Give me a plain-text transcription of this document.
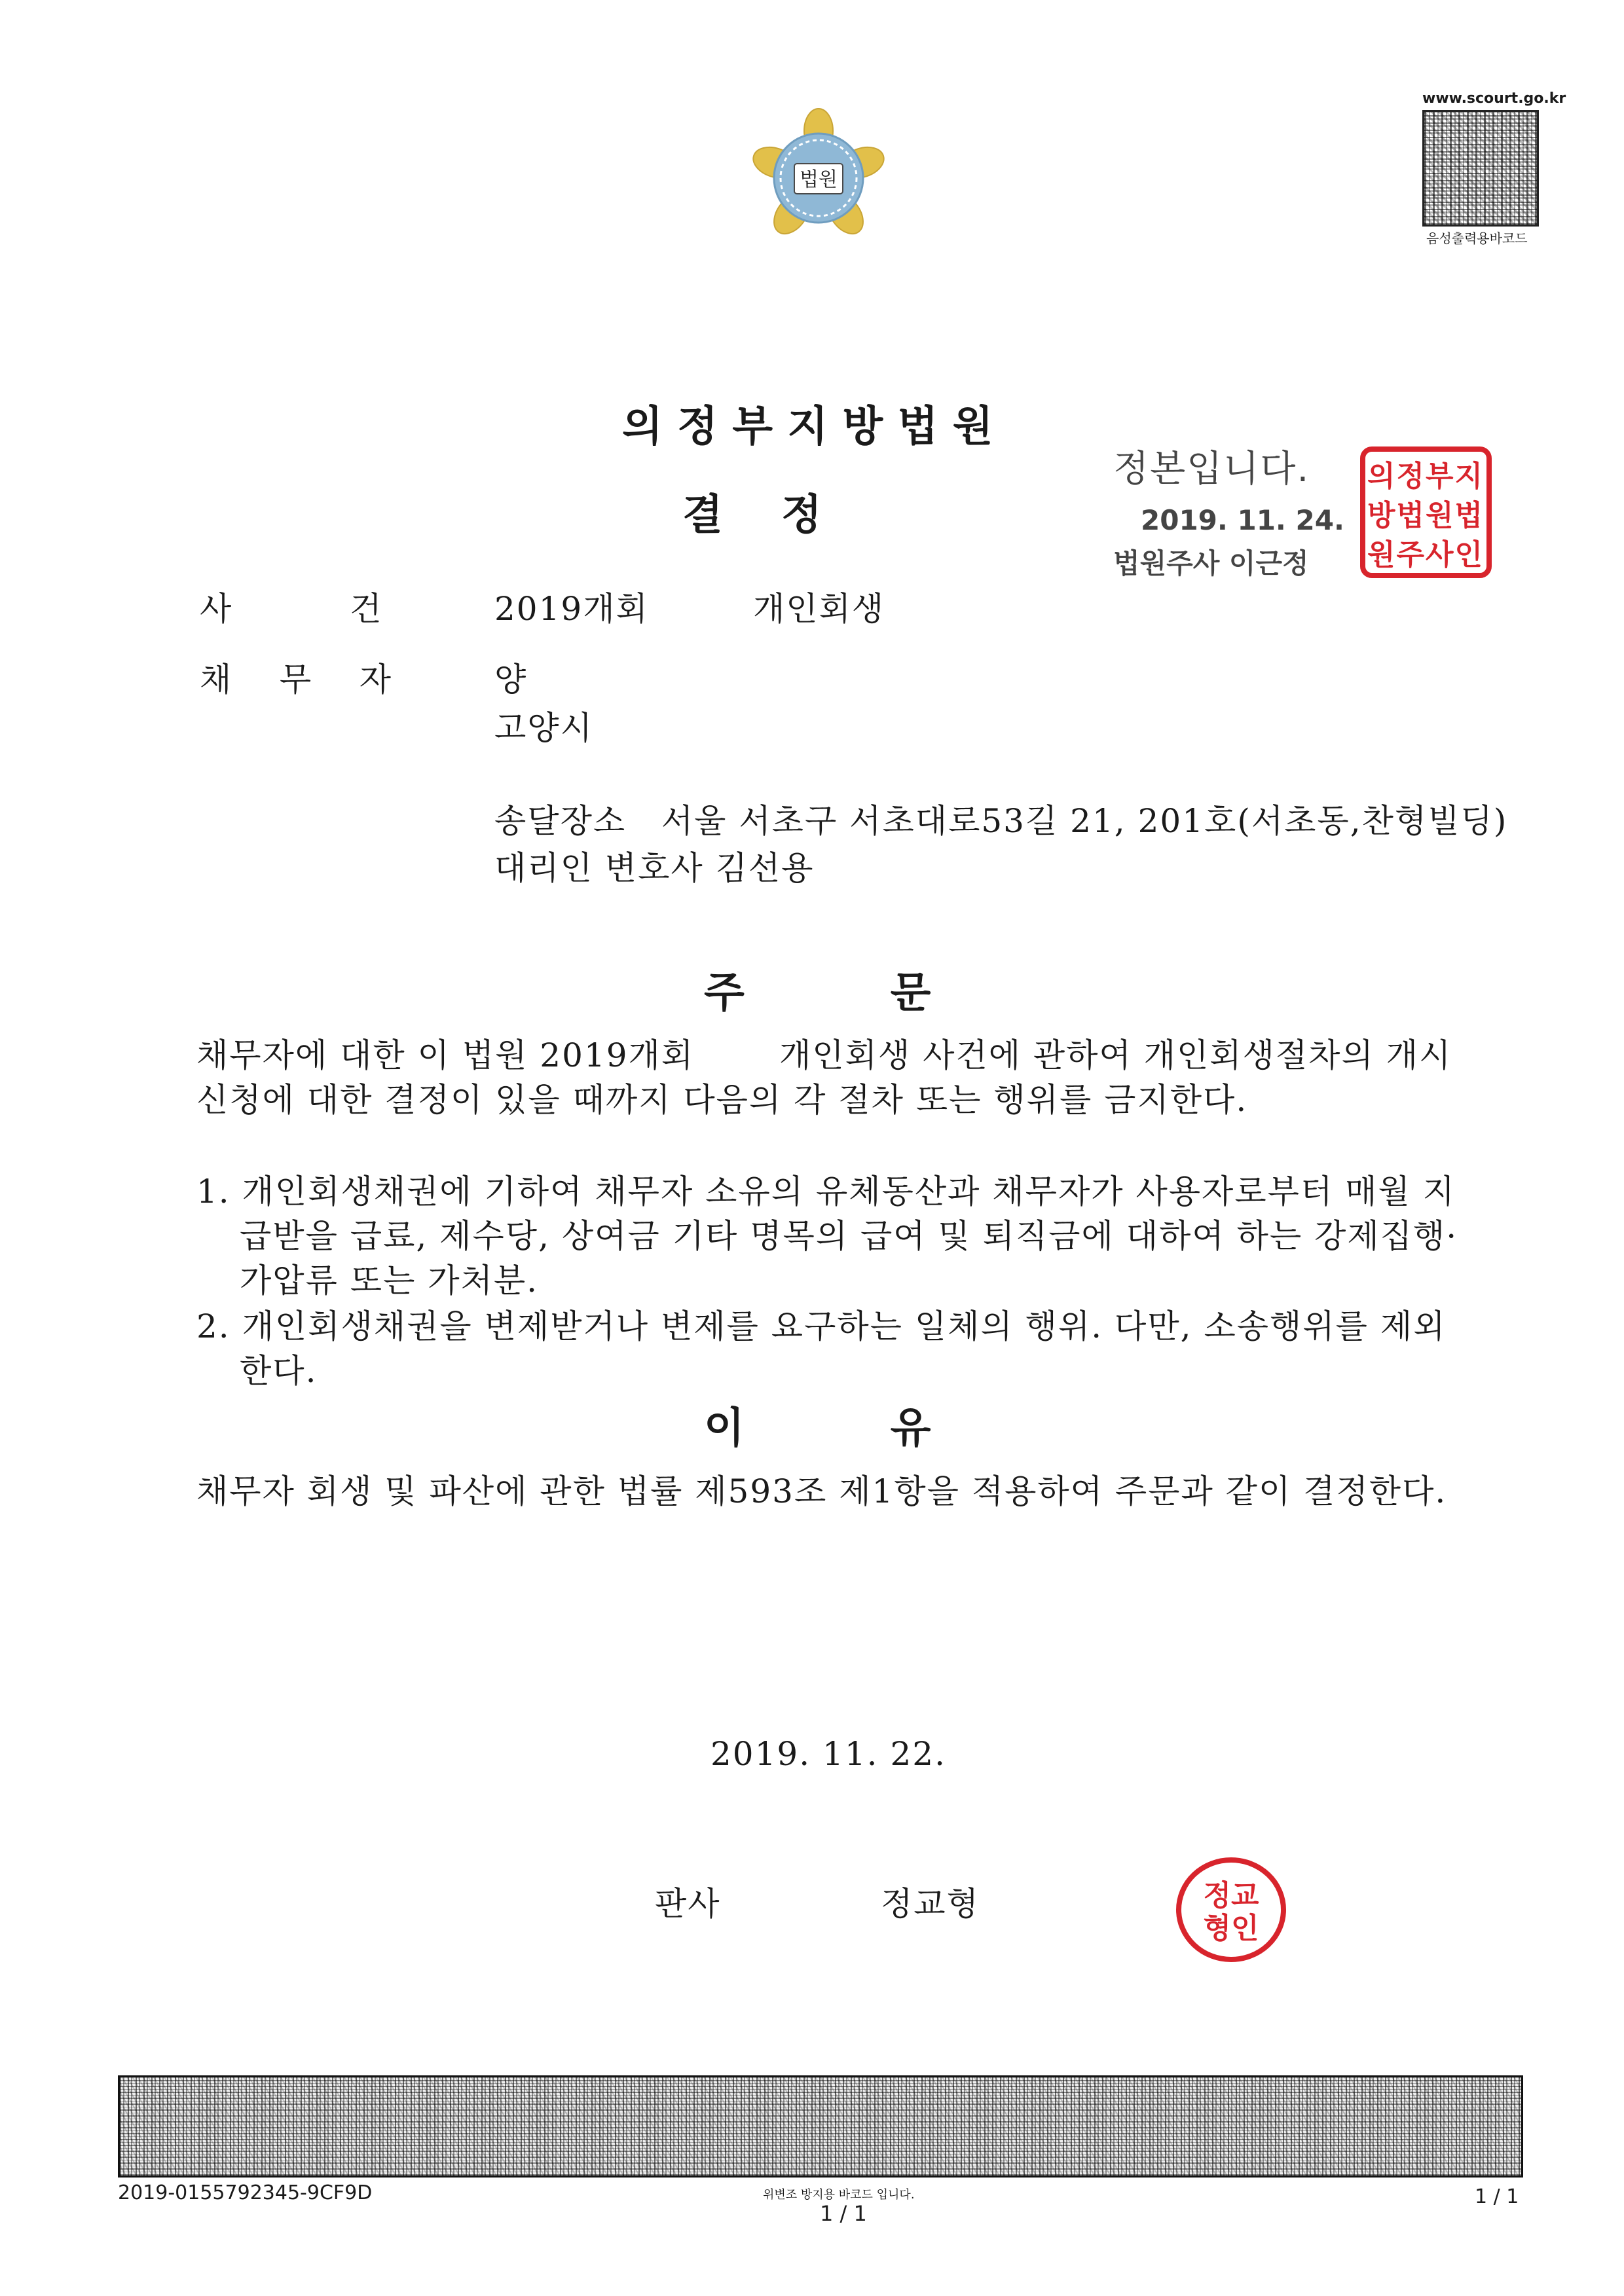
법원
www.scourt.go.kr
음성출력용바코드
의 정 부 지 방 법 원
결    정
정본입니다.
2019. 11. 24.
법원주사 이근정
의정부지
방법원법
원주사인
사          건	2019개회	개인회생
채    무    자	양
고양시
송달장소   서울 서초구 서초대로53길 21, 201호(서초동,찬형빌딩)
대리인 변호사 김선용
주          문
채무자에 대한 이 법원 2019개회	개인회생 사건에 관하여 개인회생절차의 개시
신청에 대한 결정이 있을 때까지 다음의 각 절차 또는 행위를 금지한다.
1. 개인회생채권에 기하여 채무자 소유의 유체동산과 채무자가 사용자로부터 매월 지
급받을 급료, 제수당, 상여금 기타 명목의 급여 및 퇴직금에 대하여 하는 강제집행·
가압류 또는 가처분.
2. 개인회생채권을 변제받거나 변제를 요구하는 일체의 행위. 다만, 소송행위를 제외
한다.
이          유
채무자 회생 및 파산에 관한 법률 제593조 제1항을 적용하여 주문과 같이 결정한다.
2019. 11. 22.
판사	정교형	정교
형인
2019-0155792345-9CF9D	위변조 방지용 바코드 입니다.
1 / 1
1 / 1
